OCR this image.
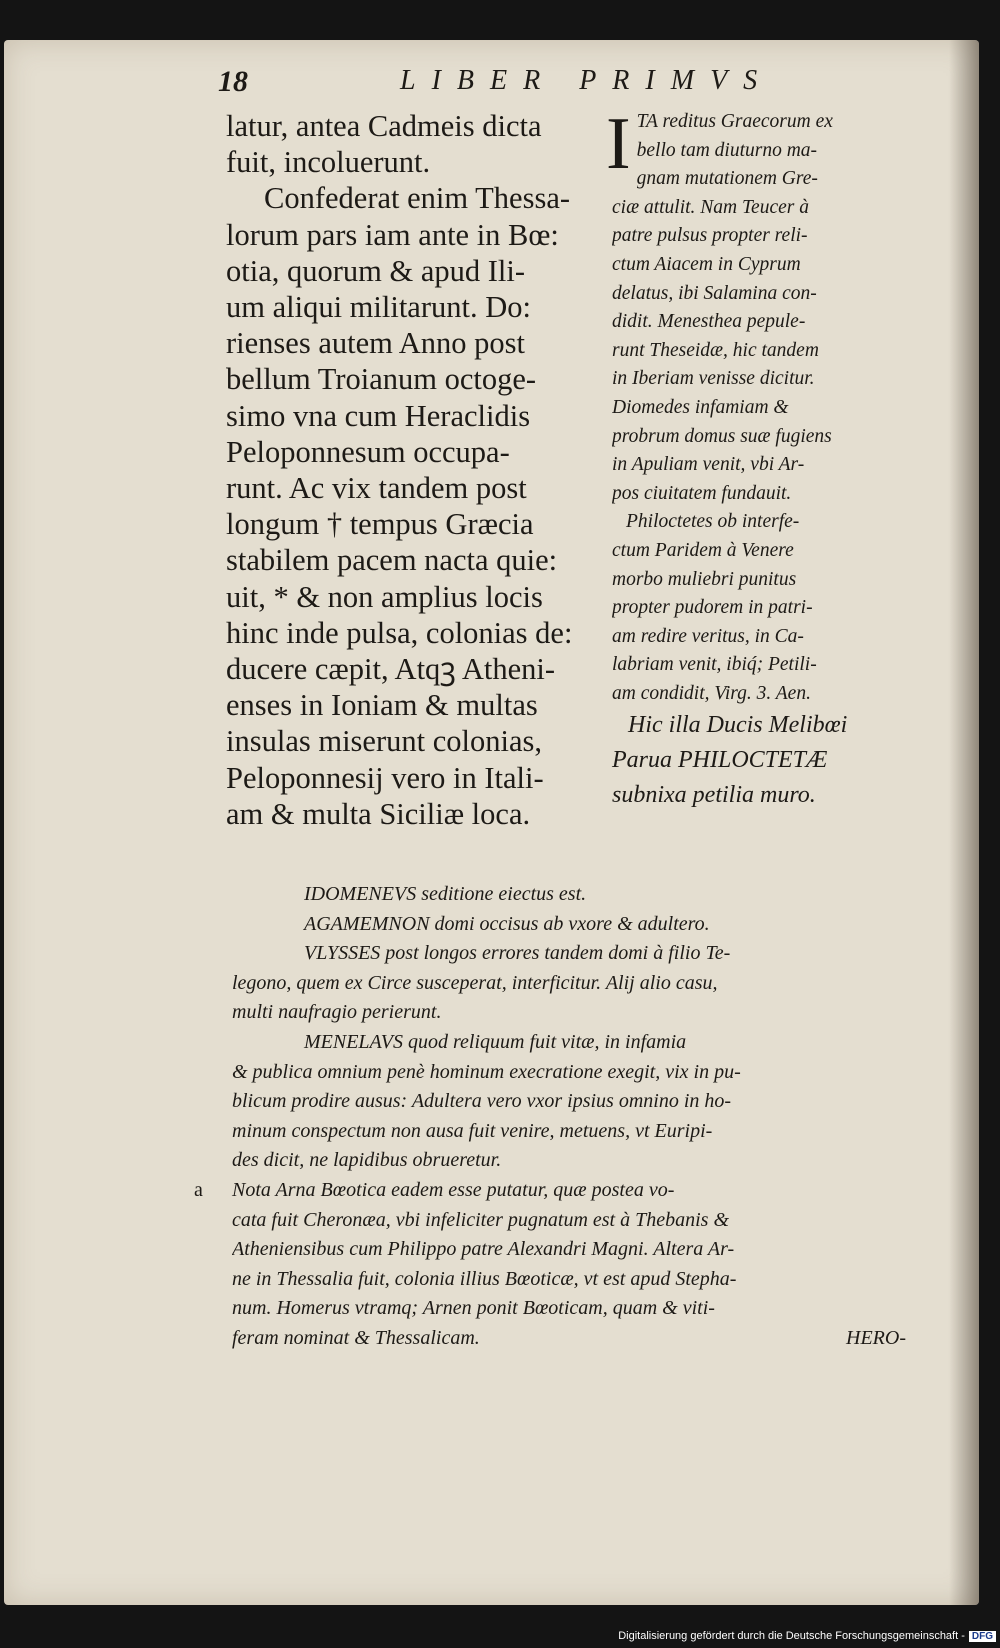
18	LIBER PRIMVS
latur, antea Cadmeis dicta
fuit, incoluerunt.
Confederat enim Thessa-
lorum pars iam ante in Bœ:
otia, quorum & apud Ili-
um aliqui militarunt. Do:
rienses autem Anno post
bellum Troianum octoge-
simo vna cum Heraclidis
Peloponnesum occupa-
runt. Ac vix tandem post
longum † tempus Græcia
stabilem pacem nacta quie:
uit, * & non amplius locis
hinc inde pulsa, colonias de:
ducere cæpit, Atqꝫ Atheni-
enses in Ioniam & multas
insulas miserunt colonias,
Peloponnesij vero in Itali-
am & multa Siciliæ loca.
I TA reditus Graecorum ex
bello tam diuturno ma-
gnam mutationem Gre-
ciæ attulit. Nam Teucer à
patre pulsus propter reli-
ctum Aiacem in Cyprum
delatus, ibi Salamina con-
didit. Menesthea pepule-
runt Theseidæ, hic tandem
in Iberiam venisse dicitur.
Diomedes infamiam &
probrum domus suæ fugiens
in Apuliam venit, vbi Ar-
pos ciuitatem fundauit.
Philoctetes ob interfe-
ctum Paridem à Venere
morbo muliebri punitus
propter pudorem in patri-
am redire veritus, in Ca-
labriam venit, ibiq́; Petili-
am condidit, Virg. 3. Aen.
Hic illa Ducis Melibœi
Parua PHILOCTETÆ
subnixa petilia muro.
IDOMENEVS seditione eiectus est.
AGAMEMNON domi occisus ab vxore & adultero.
VLYSSES post longos errores tandem domi à filio Te-
legono, quem ex Circe susceperat, interficitur. Alij alio casu,
multi naufragio perierunt.
MENELAVS quod reliquum fuit vitæ, in infamia
& publica omnium penè hominum execratione exegit, vix in pu-
blicum prodire ausus: Adultera vero vxor ipsius omnino in ho-
minum conspectum non ausa fuit venire, metuens, vt Euripi-
des dicit, ne lapidibus obrueretur.
a Nota Arna Bœotica eadem esse putatur, quæ postea vo-
cata fuit Cheronæa, vbi infeliciter pugnatum est à Thebanis &
Atheniensibus cum Philippo patre Alexandri Magni. Altera Ar-
ne in Thessalia fuit, colonia illius Bœoticæ, vt est apud Stepha-
num. Homerus vtramq; Arnen ponit Bœoticam, quam & viti-
feram nominat & Thessalicam.	HERO-
Digitalisierung gefördert durch die Deutsche Forschungsgemeinschaft - DFG
